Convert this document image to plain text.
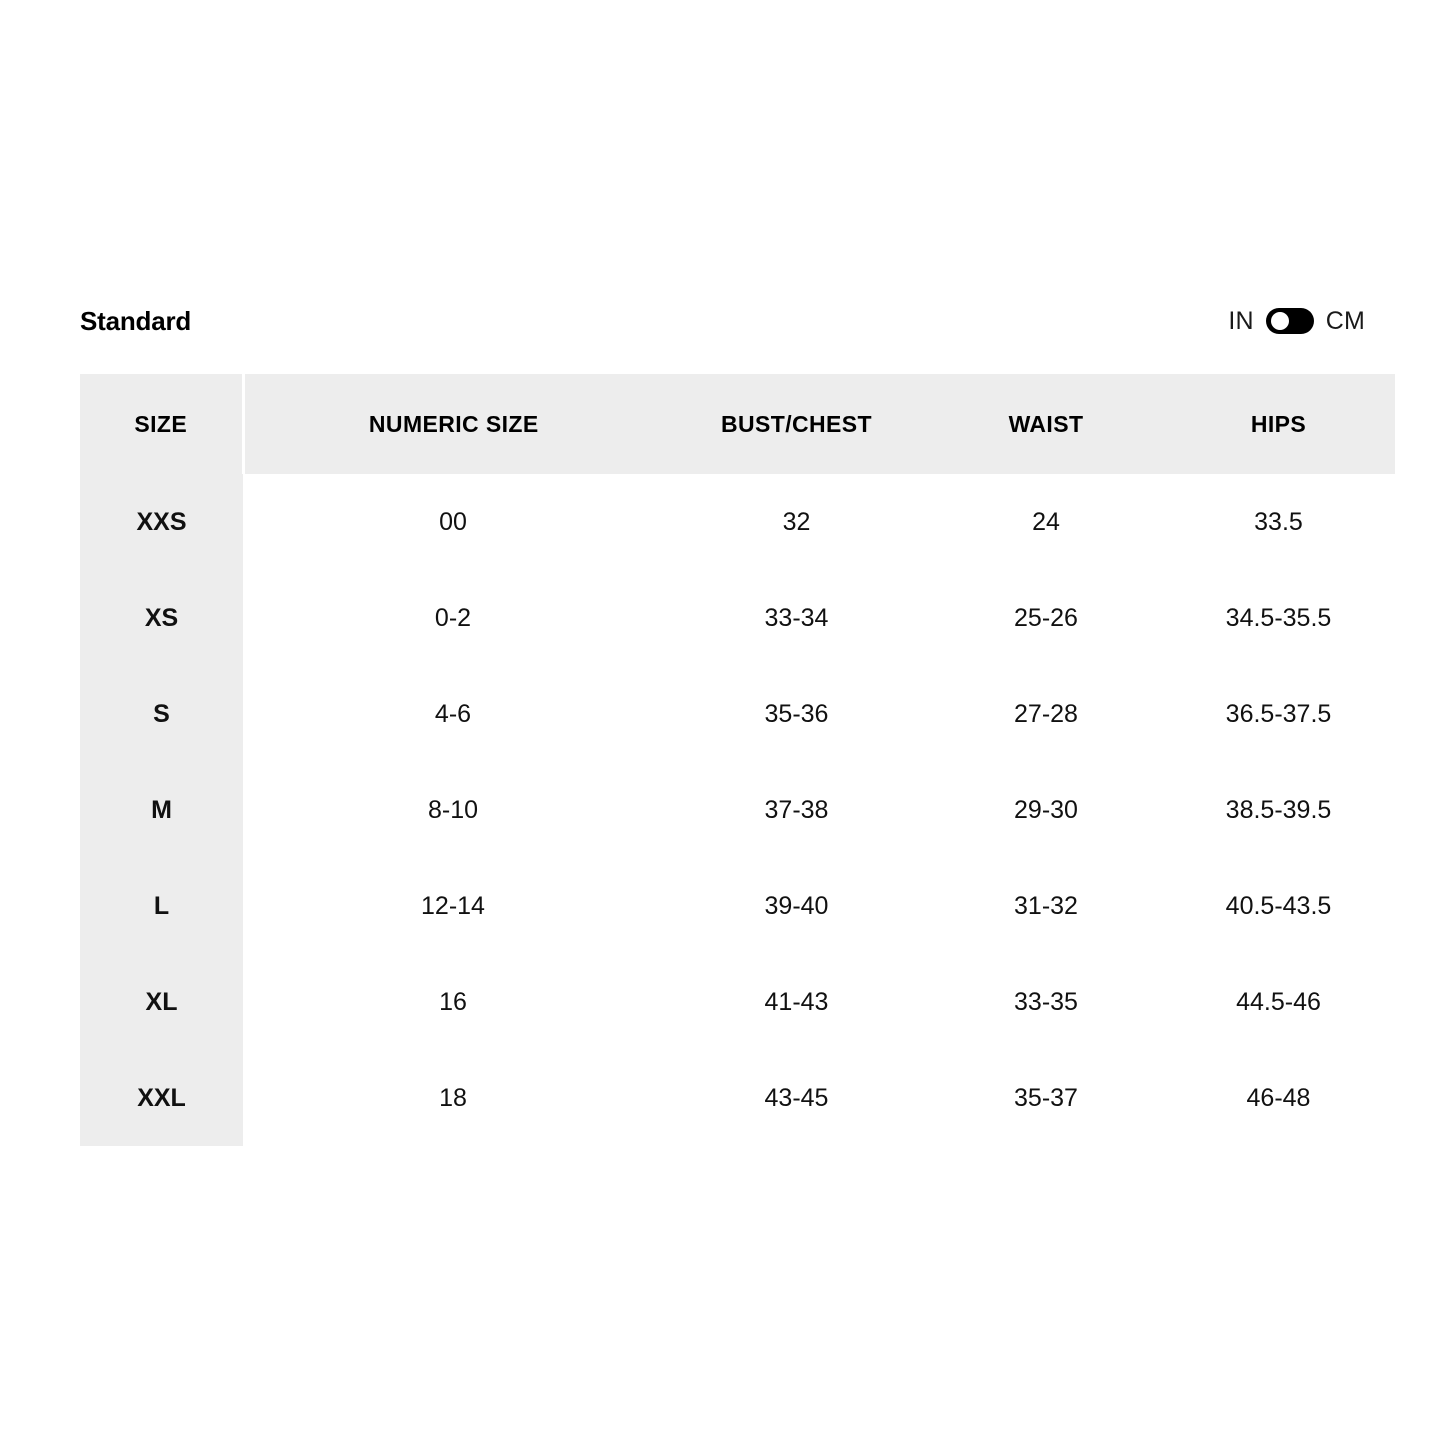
Standard	IN	CM
SIZE	NUMERIC SIZE	BUST/CHEST	WAIST	HIPS
XXS	00	32	24	33.5
XS	0-2	33-34	25-26	34.5-35.5
S	4-6	35-36	27-28	36.5-37.5
M	8-10	37-38	29-30	38.5-39.5
L	12-14	39-40	31-32	40.5-43.5
XL	16	41-43	33-35	44.5-46
XXL	18	43-45	35-37	46-48
